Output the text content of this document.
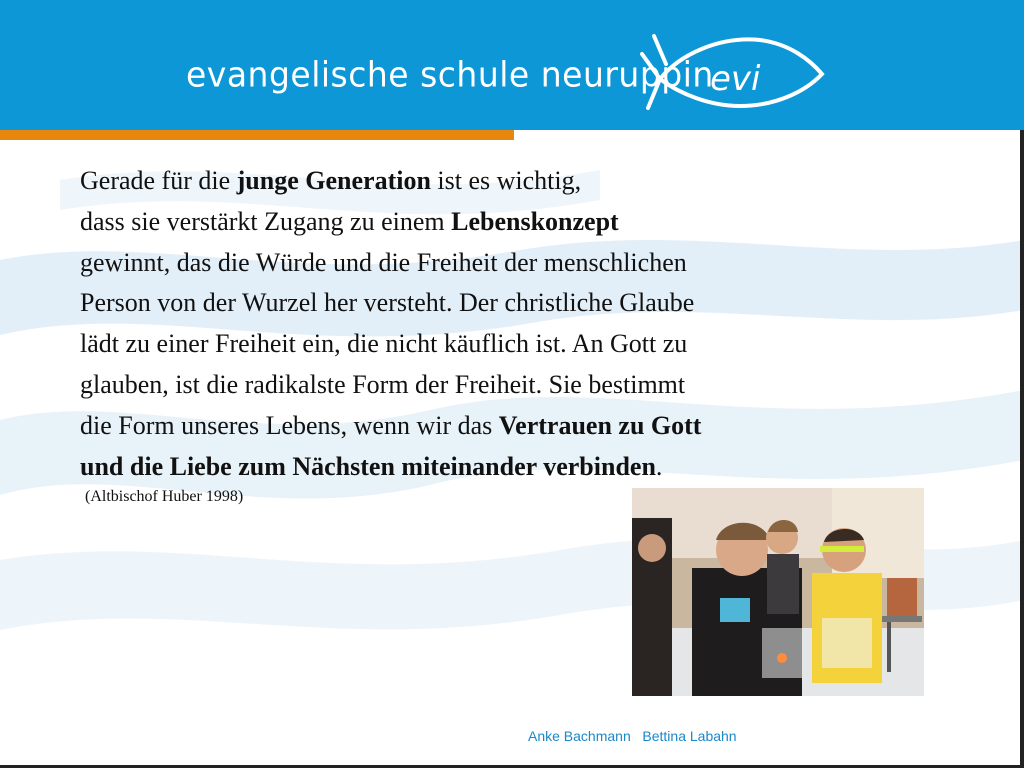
evangelische schule neuruppin
evi
Gerade für die junge Generation ist es wichtig,
dass sie verstärkt Zugang zu einem Lebenskonzept
gewinnt, das die Würde und die Freiheit der menschlichen
Person von der Wurzel her versteht. Der christliche Glaube
lädt zu einer Freiheit ein, die nicht käuflich ist. An Gott zu
glauben, ist die radikalste Form der Freiheit. Sie bestimmt
die Form unseres Lebens, wenn wir das Vertrauen zu Gott
und die Liebe zum Nächsten miteinander verbinden.
(Altbischof Huber 1998)
Anke Bachmann   Bettina Labahn
